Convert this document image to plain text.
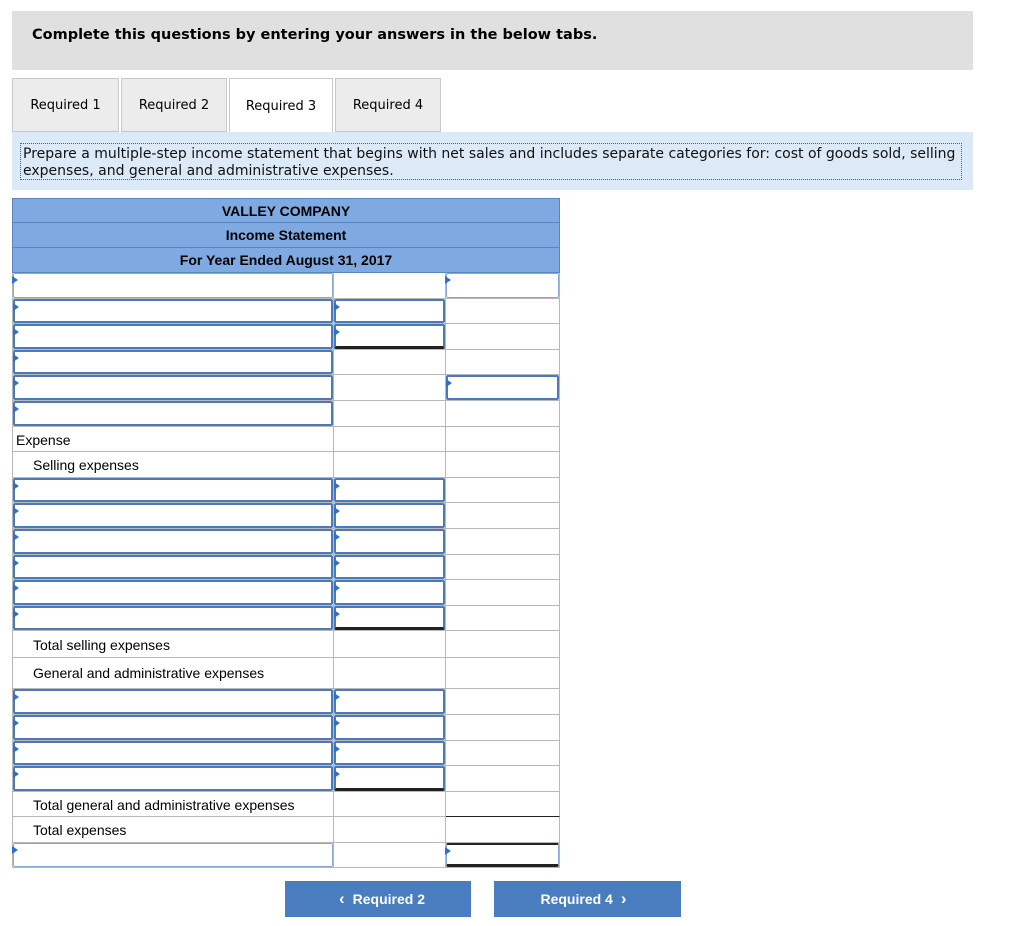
Complete this questions by entering your answers in the below tabs.
Required 1	Required 2	Required 3	Required 4
Prepare a multiple-step income statement that begins with net sales and includes separate categories for: cost of goods sold, selling expenses, and general and administrative expenses.
VALLEY COMPANY
Income Statement
For Year Ended August 31, 2017
Expense
Selling expenses
Total selling expenses
General and administrative expenses
Total general and administrative expenses
Total expenses
‹ Required 2	Required 4 ›
